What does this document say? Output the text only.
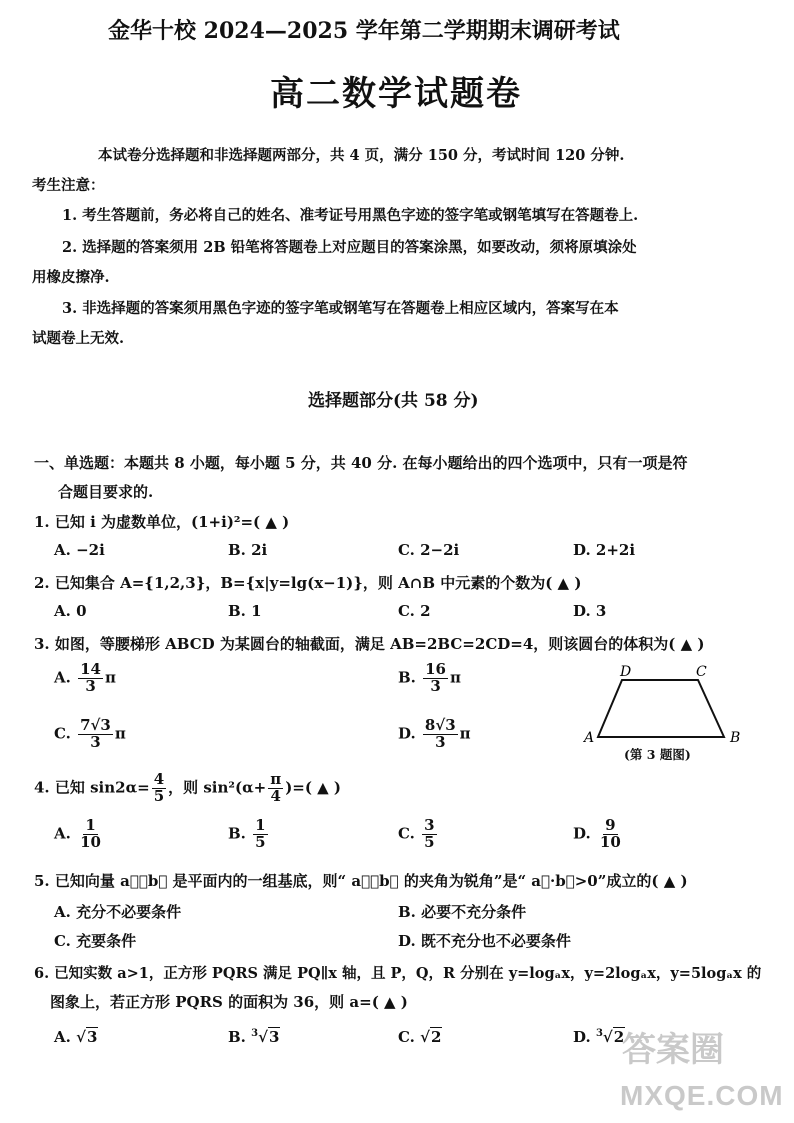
金华十校 2024—2025 学年第二学期期末调研考试
高二数学试题卷
本试卷分选择题和非选择题两部分，共 4 页，满分 150 分，考试时间 120 分钟.
考生注意：
1. 考生答题前，务必将自己的姓名、准考证号用黑色字迹的签字笔或钢笔填写在答题卷上.
2. 选择题的答案须用 2B 铅笔将答题卷上对应题目的答案涂黑，如要改动，须将原填涂处
用橡皮擦净.
3. 非选择题的答案须用黑色字迹的签字笔或钢笔写在答题卷上相应区域内，答案写在本
试题卷上无效.
选择题部分(共 58 分)
一、单选题：本题共 8 小题，每小题 5 分，共 40 分. 在每小题给出的四个选项中，只有一项是符
合题目要求的.
1. 已知 i 为虚数单位，(1+i)²=( ▲ )
A. −2i	B. 2i	C. 2−2i	D. 2+2i
2. 已知集合 A={1,2,3}，B={x|y=lg(x−1)}，则 A∩B 中元素的个数为( ▲ )
A. 0	B. 1	C. 2	D. 3
3. 如图，等腰梯形 ABCD 为某圆台的轴截面，满足 AB=2BC=2CD=4，则该圆台的体积为( ▲ )
A. $\frac{14}{3}$ π	B. $\frac{16}{3}$ π
C. $\frac{7√3}{3}$ π	D. $\frac{8√3}{3}$ π	A	B
C
D
(第 3 题图)
4. 已知 $\sin 2\alpha= \frac{4}{5}$ ，则 $\sin^2(\alpha+ \frac{\pi}{4}$ )=( ▲ )
A. $\frac{1}{10}$	B. $\frac{1}{5}$	C. $\frac{3}{5}$	D. $\frac{9}{10}$
5. 已知向量 a⃗，b⃗ 是平面内的一组基底，则“ a⃗，b⃗ 的夹角为锐角”是“ a⃗·b⃗>0”成立的( ▲ )
A. 充分不必要条件	B. 必要不充分条件
C. 充要条件	D. 既不充分也不必要条件
6. 已知实数 a>1，正方形 PQRS 满足 PQ∥x 轴，且 P，Q，R 分别在 y=logₐx，y=2logₐx，y=5logₐx 的
图象上，若正方形 PQRS 的面积为 36，则 a=( ▲ )
A. √3	B. $^3$√3	C. √2	D. $^3$√2
答案圈
MXQE.COM
